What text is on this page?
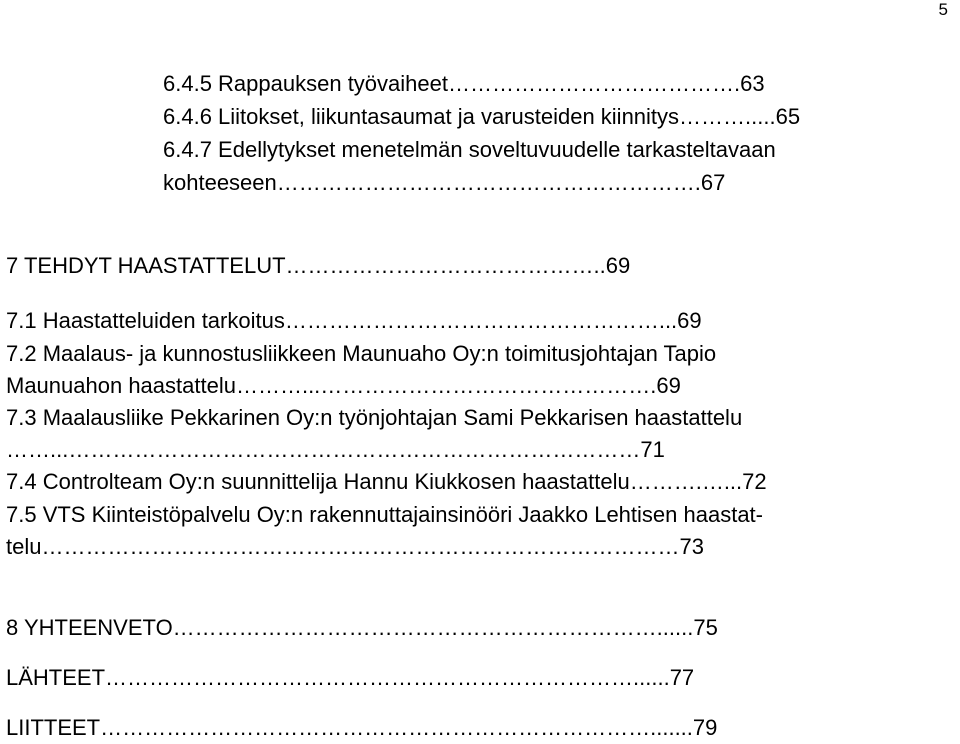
5
6.4.5 Rappauksen työvaiheet………………………………….63
6.4.6 Liitokset, liikuntasaumat ja varusteiden kiinnitys……….....65
6.4.7 Edellytykset menetelmän soveltuvuudelle tarkasteltavaan
kohteeseen………………………………………………….67
7 TEHDYT HAASTATTELUT……………………………………..69
7.1 Haastatteluiden tarkoitus……………………………………………...69
7.2 Maalaus- ja kunnostusliikkeen Maunuaho Oy:n toimitusjohtajan Tapio
Maunuahon haastattelu………...……………………………………….69
7.3 Maalausliike Pekkarinen Oy:n työnjohtajan Sami Pekkarisen haastattelu
……...……………………………………………………………………71
7.4 Controlteam Oy:n suunnittelija Hannu Kiukkosen haastattelu……….…...72
7.5 VTS Kiinteistöpalvelu Oy:n rakennuttajainsinööri Jaakko Lehtisen haastat-
telu……………………………………………………………………………73
8 YHTEENVETO…………………………………………………………......75
LÄHTEET………………………………………………………………......77
LIITTEET………………………………………………………………….......79
